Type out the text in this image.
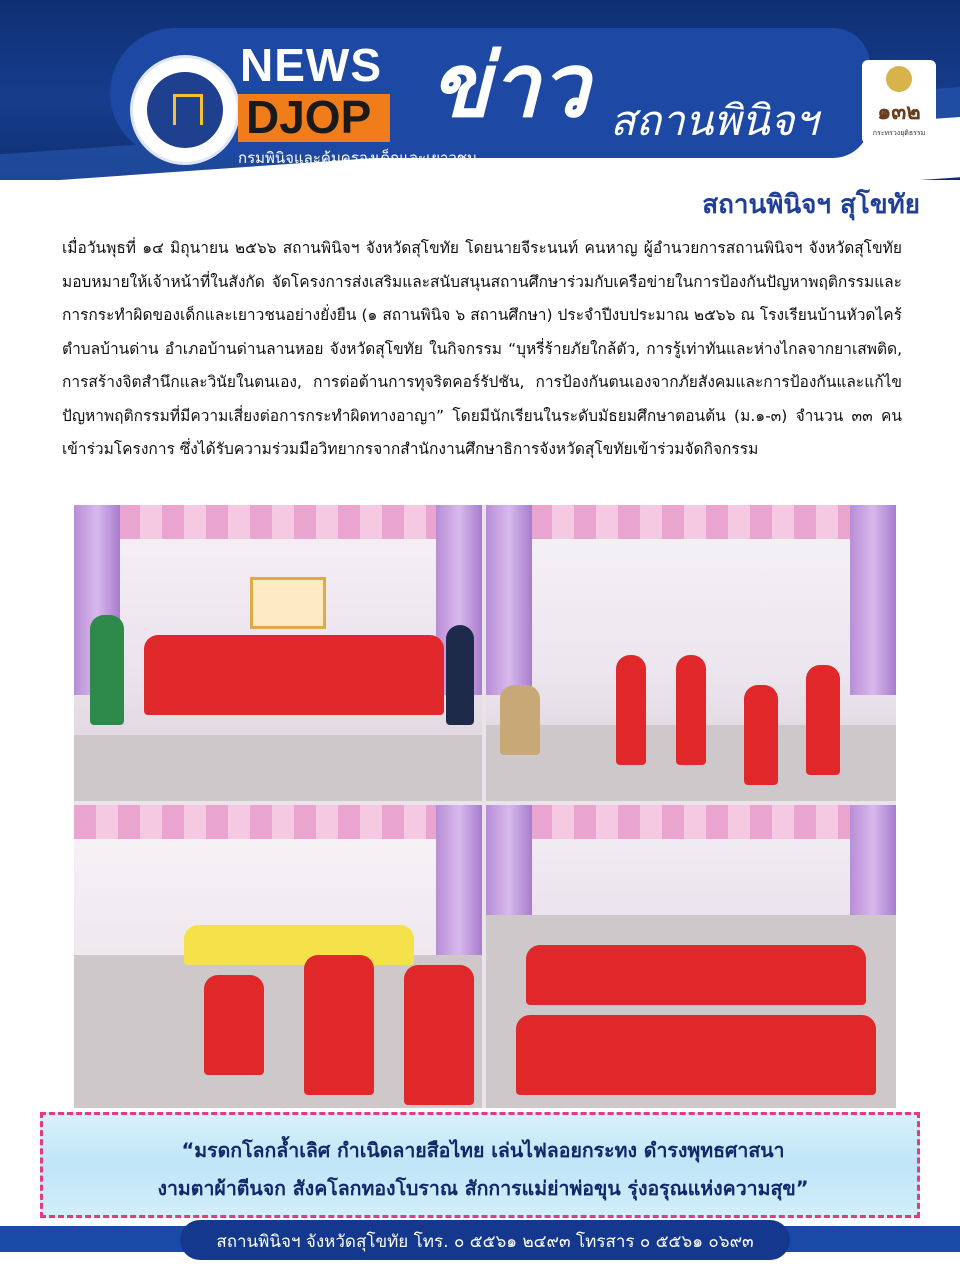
NEWS
DJOP
กรมพินิจและคุ้มครองเด็กและเยาวชน
ข่าว สถานพินิจฯ	๑๓๒
กระทรวงยุติธรรม
สถานพินิจฯ สุโขทัย
เมื่อวันพุธที่ ๑๔ มิถุนายน ๒๕๖๖ สถานพินิจฯ จังหวัดสุโขทัย โดยนายจีระนนท์ คนหาญ ผู้อำนวยการสถานพินิจฯ จังหวัดสุโขทัย มอบหมายให้เจ้าหน้าที่ในสังกัด จัดโครงการส่งเสริมและสนับสนุนสถานศึกษาร่วมกับเครือข่ายในการป้องกันปัญหาพฤติกรรมและการกระทำผิดของเด็กและเยาวชนอย่างยั่งยืน (๑ สถานพินิจ ๖ สถานศึกษา) ประจำปีงบประมาณ ๒๕๖๖ ณ โรงเรียนบ้านหัวดไคร้ ตำบลบ้านด่าน อำเภอบ้านด่านลานหอย จังหวัดสุโขทัย ในกิจกรรม “บุหรี่ร้ายภัยใกล้ตัว, การรู้เท่าทันและห่างไกลจากยาเสพติด, การสร้างจิตสำนึกและวินัยในตนเอง, การต่อต้านการทุจริตคอร์รัปชัน, การป้องกันตนเองจากภัยสังคมและการป้องกันและแก้ไขปัญหาพฤติกรรมที่มีความเสี่ยงต่อการกระทำผิดทางอาญา” โดยมีนักเรียนในระดับมัธยมศึกษาตอนต้น (ม.๑-๓) จำนวน ๓๓ คน เข้าร่วมโครงการ ซึ่งได้รับความร่วมมือวิทยากรจากสำนักงานศึกษาธิการจังหวัดสุโขทัยเข้าร่วมจัดกิจกรรม
“มรดกโลกล้ำเลิศ กำเนิดลายสือไทย เล่นไฟลอยกระทง ดำรงพุทธศาสนา
งามตาผ้าตีนจก สังคโลกทองโบราณ สักการแม่ย่าพ่อขุน รุ่งอรุณแห่งความสุข”
สถานพินิจฯ จังหวัดสุโขทัย โทร. ๐ ๕๕๖๑ ๒๔๙๓ โทรสาร ๐ ๕๕๖๑ ๐๖๙๓
